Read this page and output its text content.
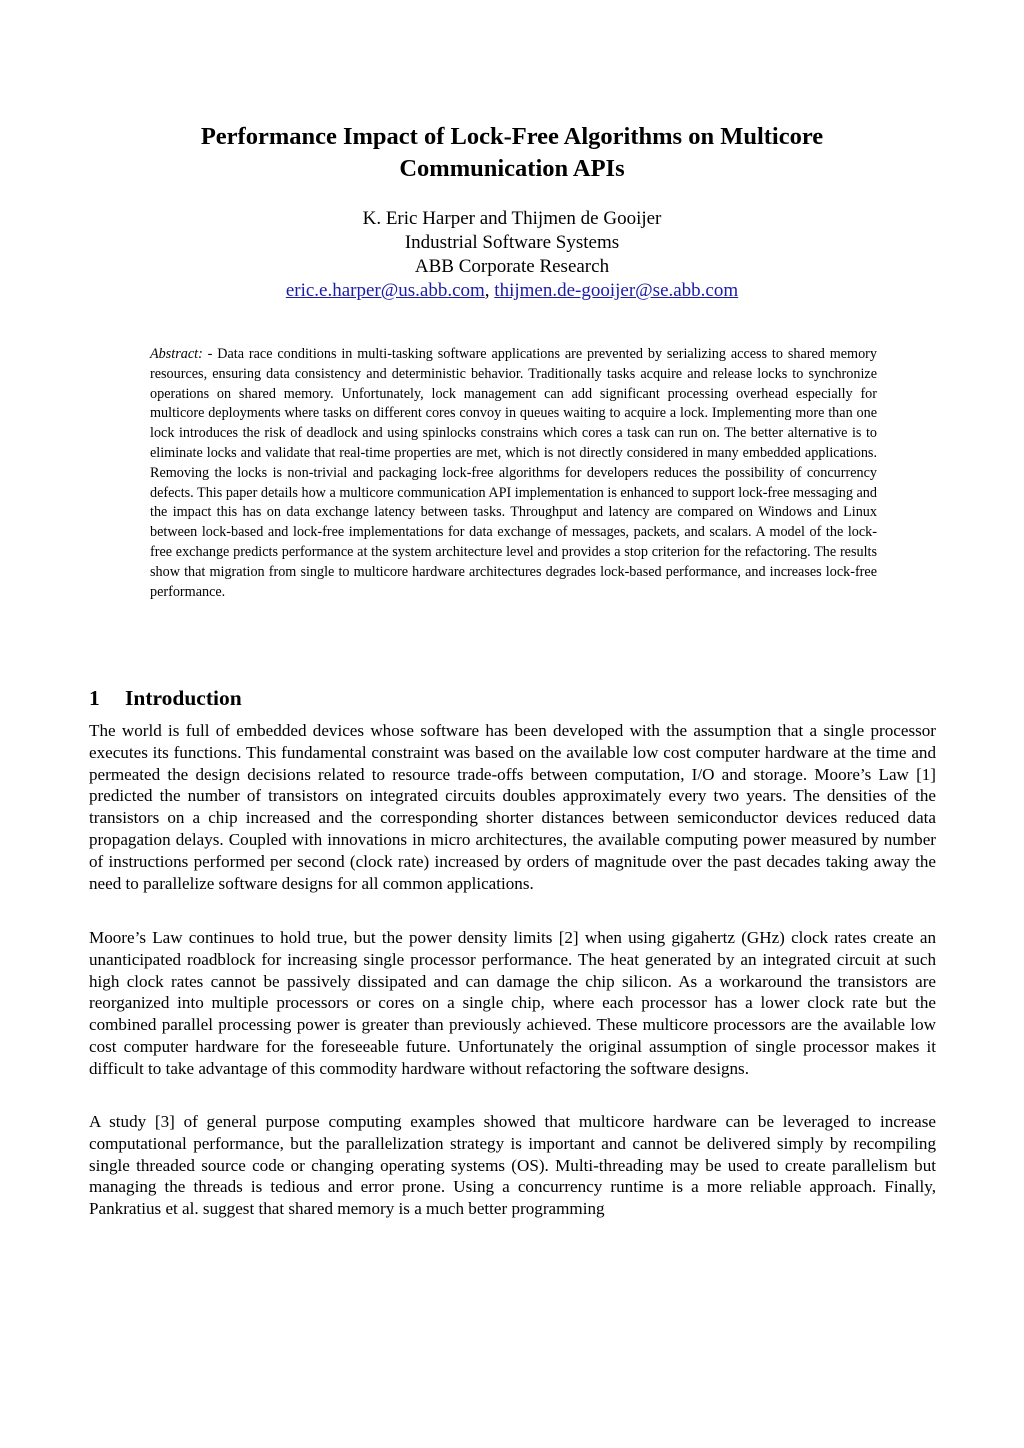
Performance Impact of Lock-Free Algorithms on Multicore
Communication APIs
K. Eric Harper and Thijmen de Gooijer
Industrial Software Systems
ABB Corporate Research
eric.e.harper@us.abb.com, thijmen.de-gooijer@se.abb.com
Abstract: - Data race conditions in multi-tasking software applications are prevented by serializing access to shared memory resources, ensuring data consistency and deterministic behavior. Traditionally tasks acquire and release locks to synchronize operations on shared memory. Unfortunately, lock management can add significant processing overhead especially for multicore deployments where tasks on different cores convoy in queues waiting to acquire a lock. Implementing more than one lock introduces the risk of deadlock and using spinlocks constrains which cores a task can run on. The better alternative is to eliminate locks and validate that real-time properties are met, which is not directly considered in many embedded applications. Removing the locks is non-trivial and packaging lock-free algorithms for developers reduces the possibility of concurrency defects. This paper details how a multicore communication API implementation is enhanced to support lock-free messaging and the impact this has on data exchange latency between tasks. Throughput and latency are compared on Windows and Linux between lock-based and lock-free implementations for data exchange of messages, packets, and scalars. A model of the lock-free exchange predicts performance at the system architecture level and provides a stop criterion for the refactoring. The results show that migration from single to multicore hardware architectures degrades lock-based performance, and increases lock-free performance.
1 Introduction
The world is full of embedded devices whose software has been developed with the assumption that a single processor executes its functions. This fundamental constraint was based on the available low cost computer hardware at the time and permeated the design decisions related to resource trade-offs between computation, I/O and storage. Moore’s Law [1] predicted the number of transistors on integrated circuits doubles approximately every two years. The densities of the transistors on a chip increased and the corresponding shorter distances between semiconductor devices reduced data propagation delays. Coupled with innovations in micro architectures, the available computing power measured by number of instructions performed per second (clock rate) increased by orders of magnitude over the past decades taking away the need to parallelize software designs for all common applications.
Moore’s Law continues to hold true, but the power density limits [2] when using gigahertz (GHz) clock rates create an unanticipated roadblock for increasing single processor performance. The heat generated by an integrated circuit at such high clock rates cannot be passively dissipated and can damage the chip silicon. As a workaround the transistors are reorganized into multiple processors or cores on a single chip, where each processor has a lower clock rate but the combined parallel processing power is greater than previously achieved. These multicore processors are the available low cost computer hardware for the foreseeable future. Unfortunately the original assumption of single processor makes it difficult to take advantage of this commodity hardware without refactoring the software designs.
A study [3] of general purpose computing examples showed that multicore hardware can be leveraged to increase computational performance, but the parallelization strategy is important and cannot be delivered simply by recompiling single threaded source code or changing operating systems (OS). Multi-threading may be used to create parallelism but managing the threads is tedious and error prone. Using a concurrency runtime is a more reliable approach. Finally, Pankratius et al. suggest that shared memory is a much better programming
